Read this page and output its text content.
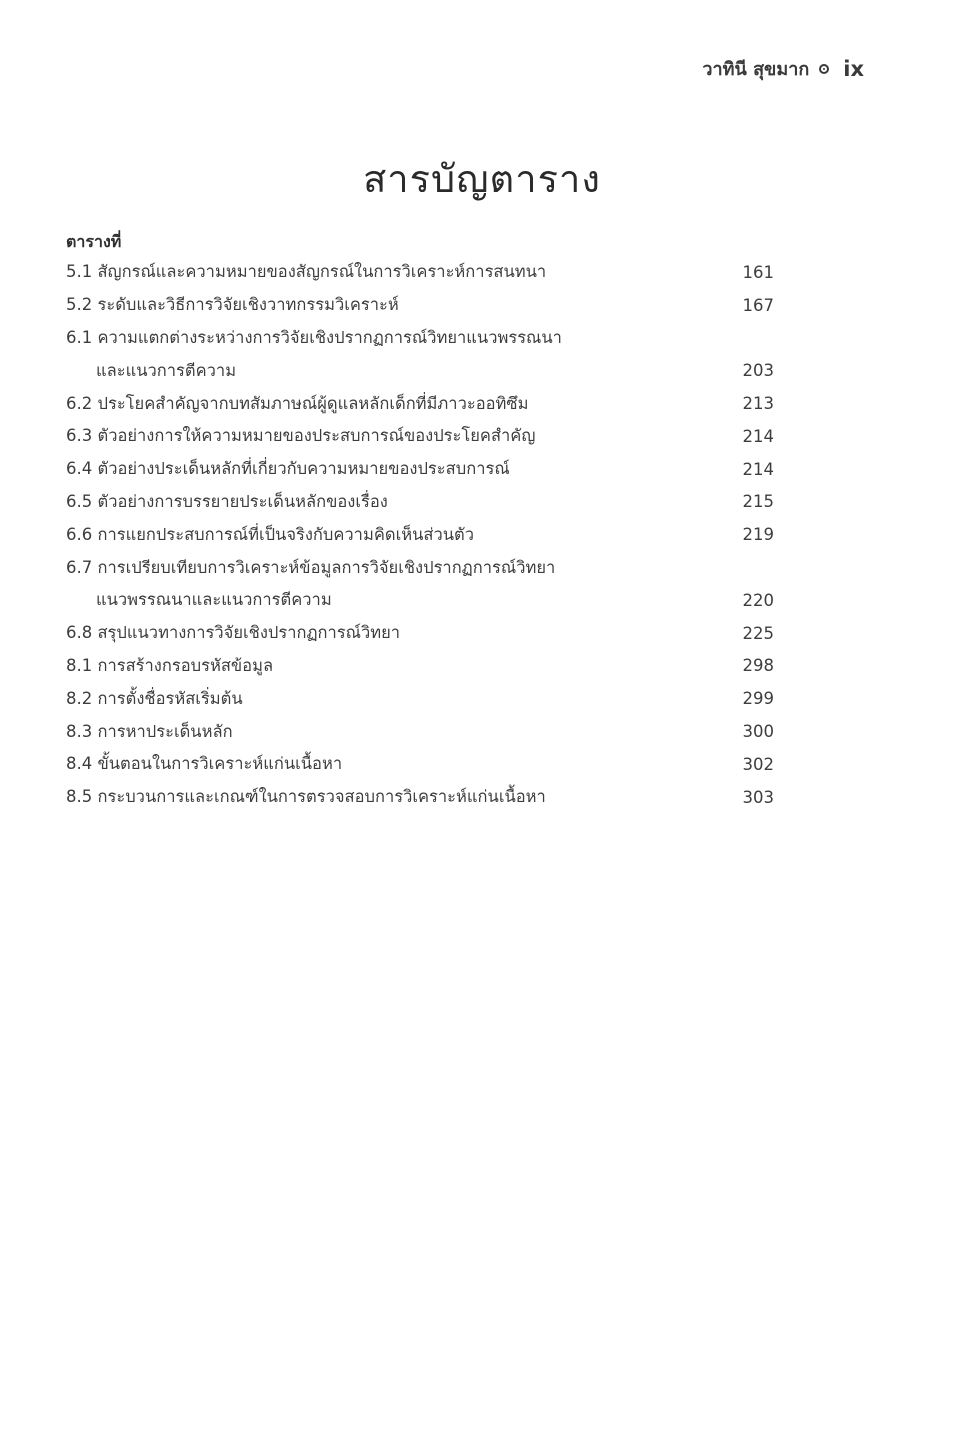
วาทินี สุขมาก ix
สารบัญตาราง
ตารางที่
5.1 สัญกรณ์และความหมายของสัญกรณ์ในการวิเคราะห์การสนทนา	161
5.2 ระดับและวิธีการวิจัยเชิงวาทกรรมวิเคราะห์	167
6.1 ความแตกต่างระหว่างการวิจัยเชิงปรากฏการณ์วิทยาแนวพรรณนา
และแนวการตีความ	203
6.2 ประโยคสำคัญจากบทสัมภาษณ์ผู้ดูแลหลักเด็กที่มีภาวะออทิซึม	213
6.3 ตัวอย่างการให้ความหมายของประสบการณ์ของประโยคสำคัญ	214
6.4 ตัวอย่างประเด็นหลักที่เกี่ยวกับความหมายของประสบการณ์	214
6.5 ตัวอย่างการบรรยายประเด็นหลักของเรื่อง	215
6.6 การแยกประสบการณ์ที่เป็นจริงกับความคิดเห็นส่วนตัว	219
6.7 การเปรียบเทียบการวิเคราะห์ข้อมูลการวิจัยเชิงปรากฏการณ์วิทยา
แนวพรรณนาและแนวการตีความ	220
6.8 สรุปแนวทางการวิจัยเชิงปรากฏการณ์วิทยา	225
8.1 การสร้างกรอบรหัสข้อมูล	298
8.2 การตั้งชื่อรหัสเริ่มต้น	299
8.3 การหาประเด็นหลัก	300
8.4 ขั้นตอนในการวิเคราะห์แก่นเนื้อหา	302
8.5 กระบวนการและเกณฑ์ในการตรวจสอบการวิเคราะห์แก่นเนื้อหา	303
